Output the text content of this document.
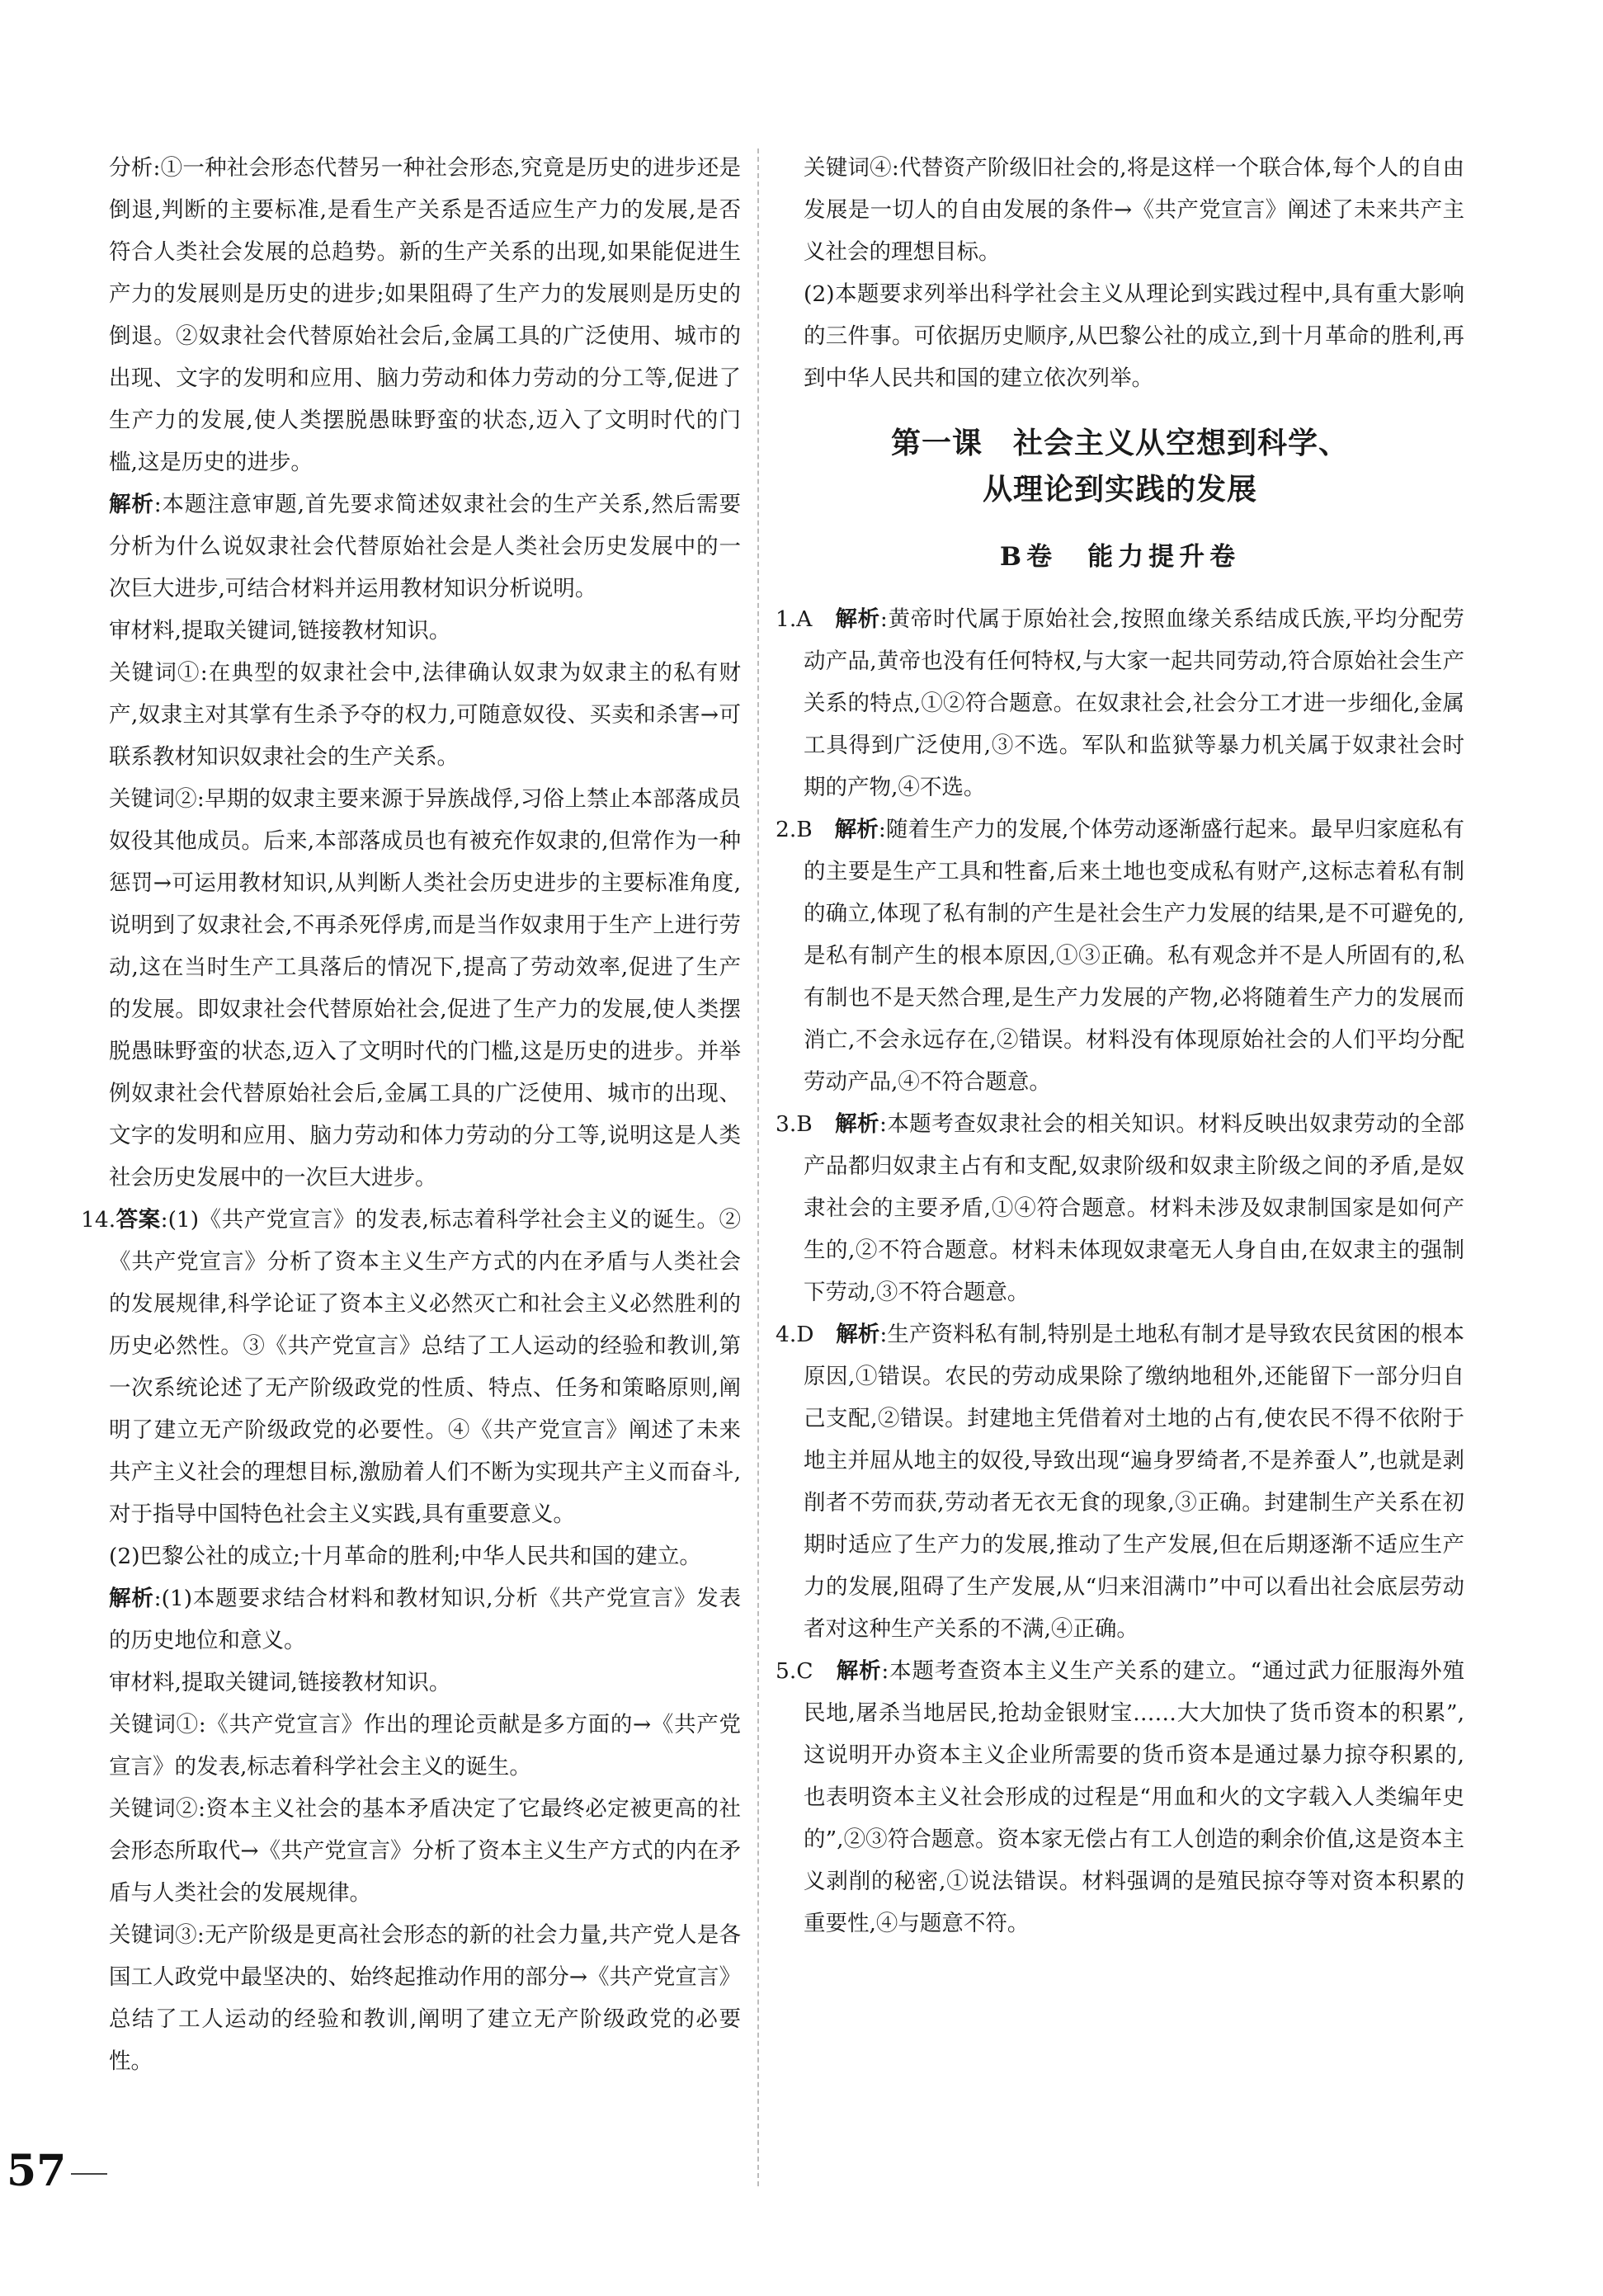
分析:①一种社会形态代替另一种社会形态,究竟是历史的进步还是倒退,判断的主要标准,是看生产关系是否适应生产力的发展,是否符合人类社会发展的总趋势。新的生产关系的出现,如果能促进生产力的发展则是历史的进步;如果阻碍了生产力的发展则是历史的倒退。②奴隶社会代替原始社会后,金属工具的广泛使用、城市的出现、文字的发明和应用、脑力劳动和体力劳动的分工等,促进了生产力的发展,使人类摆脱愚昧野蛮的状态,迈入了文明时代的门槛,这是历史的进步。

解析:本题注意审题,首先要求简述奴隶社会的生产关系,然后需要分析为什么说奴隶社会代替原始社会是人类社会历史发展中的一次巨大进步,可结合材料并运用教材知识分析说明。

审材料,提取关键词,链接教材知识。

关键词①:在典型的奴隶社会中,法律确认奴隶为奴隶主的私有财产,奴隶主对其掌有生杀予夺的权力,可随意奴役、买卖和杀害→可联系教材知识奴隶社会的生产关系。

关键词②:早期的奴隶主要来源于异族战俘,习俗上禁止本部落成员奴役其他成员。后来,本部落成员也有被充作奴隶的,但常作为一种惩罚→可运用教材知识,从判断人类社会历史进步的主要标准角度,说明到了奴隶社会,不再杀死俘虏,而是当作奴隶用于生产上进行劳动,这在当时生产工具落后的情况下,提高了劳动效率,促进了生产的发展。即奴隶社会代替原始社会,促进了生产力的发展,使人类摆脱愚昧野蛮的状态,迈入了文明时代的门槛,这是历史的进步。并举例奴隶社会代替原始社会后,金属工具的广泛使用、城市的出现、文字的发明和应用、脑力劳动和体力劳动的分工等,说明这是人类社会历史发展中的一次巨大进步。

14.答案:(1)《共产党宣言》的发表,标志着科学社会主义的诞生。②《共产党宣言》分析了资本主义生产方式的内在矛盾与人类社会的发展规律,科学论证了资本主义必然灭亡和社会主义必然胜利的历史必然性。③《共产党宣言》总结了工人运动的经验和教训,第一次系统论述了无产阶级政党的性质、特点、任务和策略原则,阐明了建立无产阶级政党的必要性。④《共产党宣言》阐述了未来共产主义社会的理想目标,激励着人们不断为实现共产主义而奋斗,对于指导中国特色社会主义实践,具有重要意义。

(2)巴黎公社的成立;十月革命的胜利;中华人民共和国的建立。

解析:(1)本题要求结合材料和教材知识,分析《共产党宣言》发表的历史地位和意义。

审材料,提取关键词,链接教材知识。

关键词①:《共产党宣言》作出的理论贡献是多方面的→《共产党宣言》的发表,标志着科学社会主义的诞生。

关键词②:资本主义社会的基本矛盾决定了它最终必定被更高的社会形态所取代→《共产党宣言》分析了资本主义生产方式的内在矛盾与人类社会的发展规律。

关键词③:无产阶级是更高社会形态的新的社会力量,共产党人是各国工人政党中最坚决的、始终起推动作用的部分→《共产党宣言》总结了工人运动的经验和教训,阐明了建立无产阶级政党的必要性。

关键词④:代替资产阶级旧社会的,将是这样一个联合体,每个人的自由发展是一切人的自由发展的条件→《共产党宣言》阐述了未来共产主义社会的理想目标。

(2)本题要求列举出科学社会主义从理论到实践过程中,具有重大影响的三件事。可依据历史顺序,从巴黎公社的成立,到十月革命的胜利,再到中华人民共和国的建立依次列举。

第一课　社会主义从空想到科学、
从理论到实践的发展
B卷　能力提升卷

1.A　 解析:黄帝时代属于原始社会,按照血缘关系结成氏族,平均分配劳动产品,黄帝也没有任何特权,与大家一起共同劳动,符合原始社会生产关系的特点,①②符合题意。在奴隶社会,社会分工才进一步细化,金属工具得到广泛使用,③不选。军队和监狱等暴力机关属于奴隶社会时期的产物,④不选。

2.B　 解析:随着生产力的发展,个体劳动逐渐盛行起来。最早归家庭私有的主要是生产工具和牲畜,后来土地也变成私有财产,这标志着私有制的确立,体现了私有制的产生是社会生产力发展的结果,是不可避免的,是私有制产生的根本原因,①③正确。私有观念并不是人所固有的,私有制也不是天然合理,是生产力发展的产物,必将随着生产力的发展而消亡,不会永远存在,②错误。材料没有体现原始社会的人们平均分配劳动产品,④不符合题意。

3.B　 解析:本题考查奴隶社会的相关知识。材料反映出奴隶劳动的全部产品都归奴隶主占有和支配,奴隶阶级和奴隶主阶级之间的矛盾,是奴隶社会的主要矛盾,①④符合题意。材料未涉及奴隶制国家是如何产生的,②不符合题意。材料未体现奴隶毫无人身自由,在奴隶主的强制下劳动,③不符合题意。

4.D　 解析:生产资料私有制,特别是土地私有制才是导致农民贫困的根本原因,①错误。农民的劳动成果除了缴纳地租外,还能留下一部分归自己支配,②错误。封建地主凭借着对土地的占有,使农民不得不依附于地主并屈从地主的奴役,导致出现“遍身罗绮者,不是养蚕人”,也就是剥削者不劳而获,劳动者无衣无食的现象,③正确。封建制生产关系在初期时适应了生产力的发展,推动了生产发展,但在后期逐渐不适应生产力的发展,阻碍了生产发展,从“归来泪满巾”中可以看出社会底层劳动者对这种生产关系的不满,④正确。

5.C　 解析:本题考查资本主义生产关系的建立。“通过武力征服海外殖民地,屠杀当地居民,抢劫金银财宝……大大加快了货币资本的积累”,这说明开办资本主义企业所需要的货币资本是通过暴力掠夺积累的,也表明资本主义社会形成的过程是“用血和火的文字载入人类编年史的”,②③符合题意。资本家无偿占有工人创造的剩余价值,这是资本主义剥削的秘密,①说法错误。材料强调的是殖民掠夺等对资本积累的重要性,④与题意不符。

57
